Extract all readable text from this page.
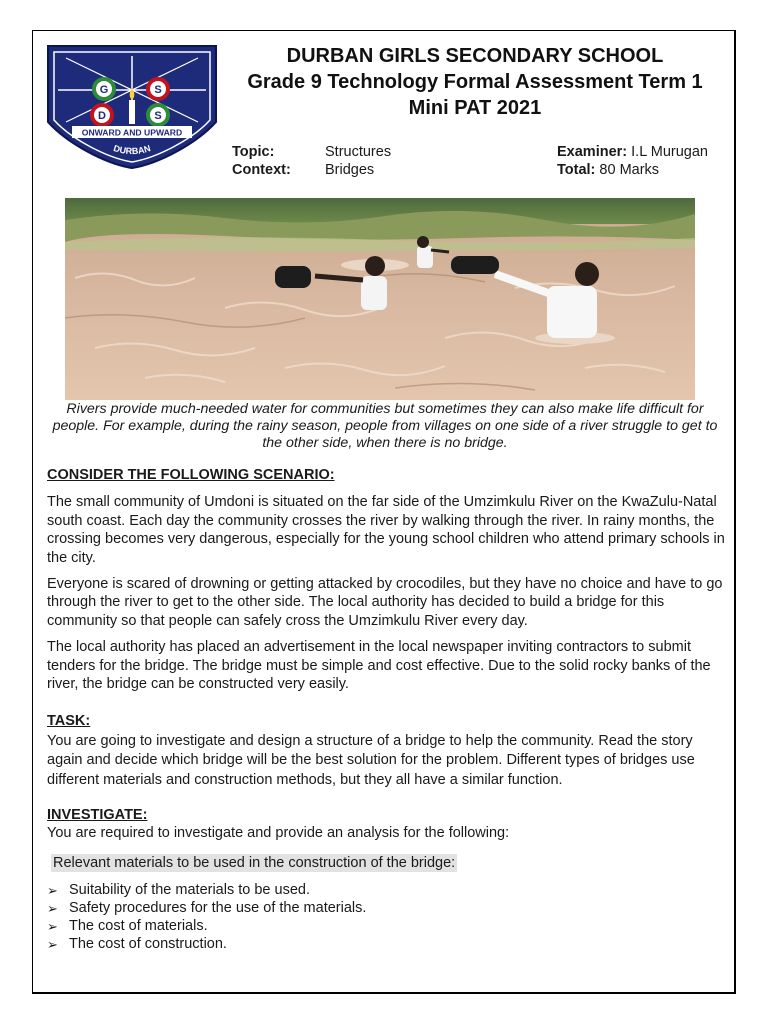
G	S
D	S
ONWARD AND UPWARD
DURBAN
DURBAN GIRLS SECONDARY SCHOOL
Grade 9 Technology Formal Assessment Term 1
Mini PAT 2021
Topic:	Structures
Context: Bridges
Examiner: I.L Murugan
Total: 80 Marks
Rivers provide much-needed water for communities but sometimes they can also make life difficult for people. For example, during the rainy season, people from villages on one side of a river struggle to get to the other side, when there is no bridge.
CONSIDER THE FOLLOWING SCENARIO:

The small community of Umdoni is situated on the far side of the Umzimkulu River on the KwaZulu-Natal south coast. Each day the community crosses the river by walking through the river. In rainy months, the crossing becomes very dangerous, especially for the young school children who attend primary schools in the city.

Everyone is scared of drowning or getting attacked by crocodiles, but they have no choice and have to go through the river to get to the other side. The local authority has decided to build a bridge for this community so that people can safely cross the Umzimkulu River every day.

The local authority has placed an advertisement in the local newspaper inviting contractors to submit tenders for the bridge. The bridge must be simple and cost effective. Due to the solid rocky banks of the river, the bridge can be constructed very easily.

TASK:

You are going to investigate and design a structure of a bridge to help the community. Read the story again and decide which bridge will be the best solution for the problem. Different types of bridges use different materials and construction methods, but they all have a similar function.

INVESTIGATE:

You are required to investigate and provide an analysis for the following:

Relevant materials to be used in the construction of the bridge:

➢ Suitability of the materials to be used.
➢ Safety procedures for the use of the materials.
➢ The cost of materials.
➢ The cost of construction.
